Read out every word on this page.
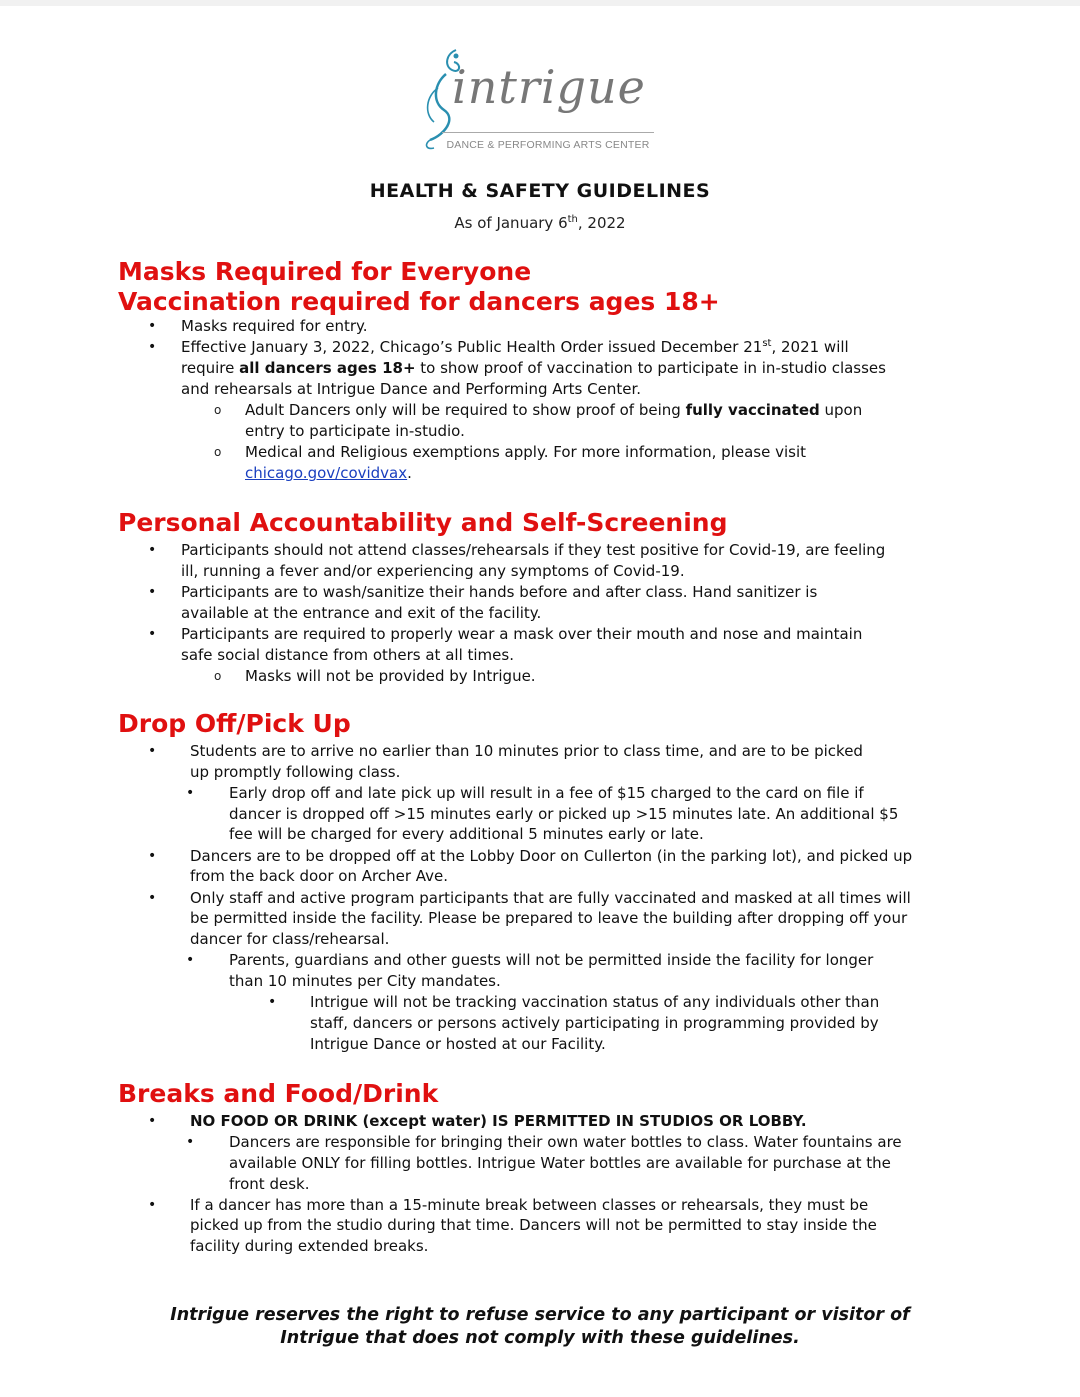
intrigue
DANCE & PERFORMING ARTS CENTER
HEALTH & SAFETY GUIDELINES
As of January 6th, 2022
Masks Required for Everyone
Vaccination required for dancers ages 18+
• Masks required for entry.
• Effective January 3, 2022, Chicago’s Public Health Order issued December 21st, 2021 will
require all dancers ages 18+ to show proof of vaccination to participate in in-studio classes
and rehearsals at Intrigue Dance and Performing Arts Center.
o Adult Dancers only will be required to show proof of being fully vaccinated upon
entry to participate in-studio.
o Medical and Religious exemptions apply. For more information, please visit
chicago.gov/covidvax.
Personal Accountability and Self-Screening
• Participants should not attend classes/rehearsals if they test positive for Covid-19, are feeling
ill, running a fever and/or experiencing any symptoms of Covid-19.
• Participants are to wash/sanitize their hands before and after class. Hand sanitizer is
available at the entrance and exit of the facility.
• Participants are required to properly wear a mask over their mouth and nose and maintain
safe social distance from others at all times.
o Masks will not be provided by Intrigue.
Drop Off/Pick Up
• Students are to arrive no earlier than 10 minutes prior to class time, and are to be picked
up promptly following class.
• Early drop off and late pick up will result in a fee of $15 charged to the card on file if
dancer is dropped off >15 minutes early or picked up >15 minutes late. An additional $5
fee will be charged for every additional 5 minutes early or late.
• Dancers are to be dropped off at the Lobby Door on Cullerton (in the parking lot), and picked up
from the back door on Archer Ave.
• Only staff and active program participants that are fully vaccinated and masked at all times will
be permitted inside the facility. Please be prepared to leave the building after dropping off your
dancer for class/rehearsal.
• Parents, guardians and other guests will not be permitted inside the facility for longer
than 10 minutes per City mandates.
• Intrigue will not be tracking vaccination status of any individuals other than
staff, dancers or persons actively participating in programming provided by
Intrigue Dance or hosted at our Facility.
Breaks and Food/Drink
• NO FOOD OR DRINK (except water) IS PERMITTED IN STUDIOS OR LOBBY.
• Dancers are responsible for bringing their own water bottles to class. Water fountains are
available ONLY for filling bottles. Intrigue Water bottles are available for purchase at the
front desk.
• If a dancer has more than a 15-minute break between classes or rehearsals, they must be
picked up from the studio during that time. Dancers will not be permitted to stay inside the
facility during extended breaks.
Intrigue reserves the right to refuse service to any participant or visitor of
Intrigue that does not comply with these guidelines.
